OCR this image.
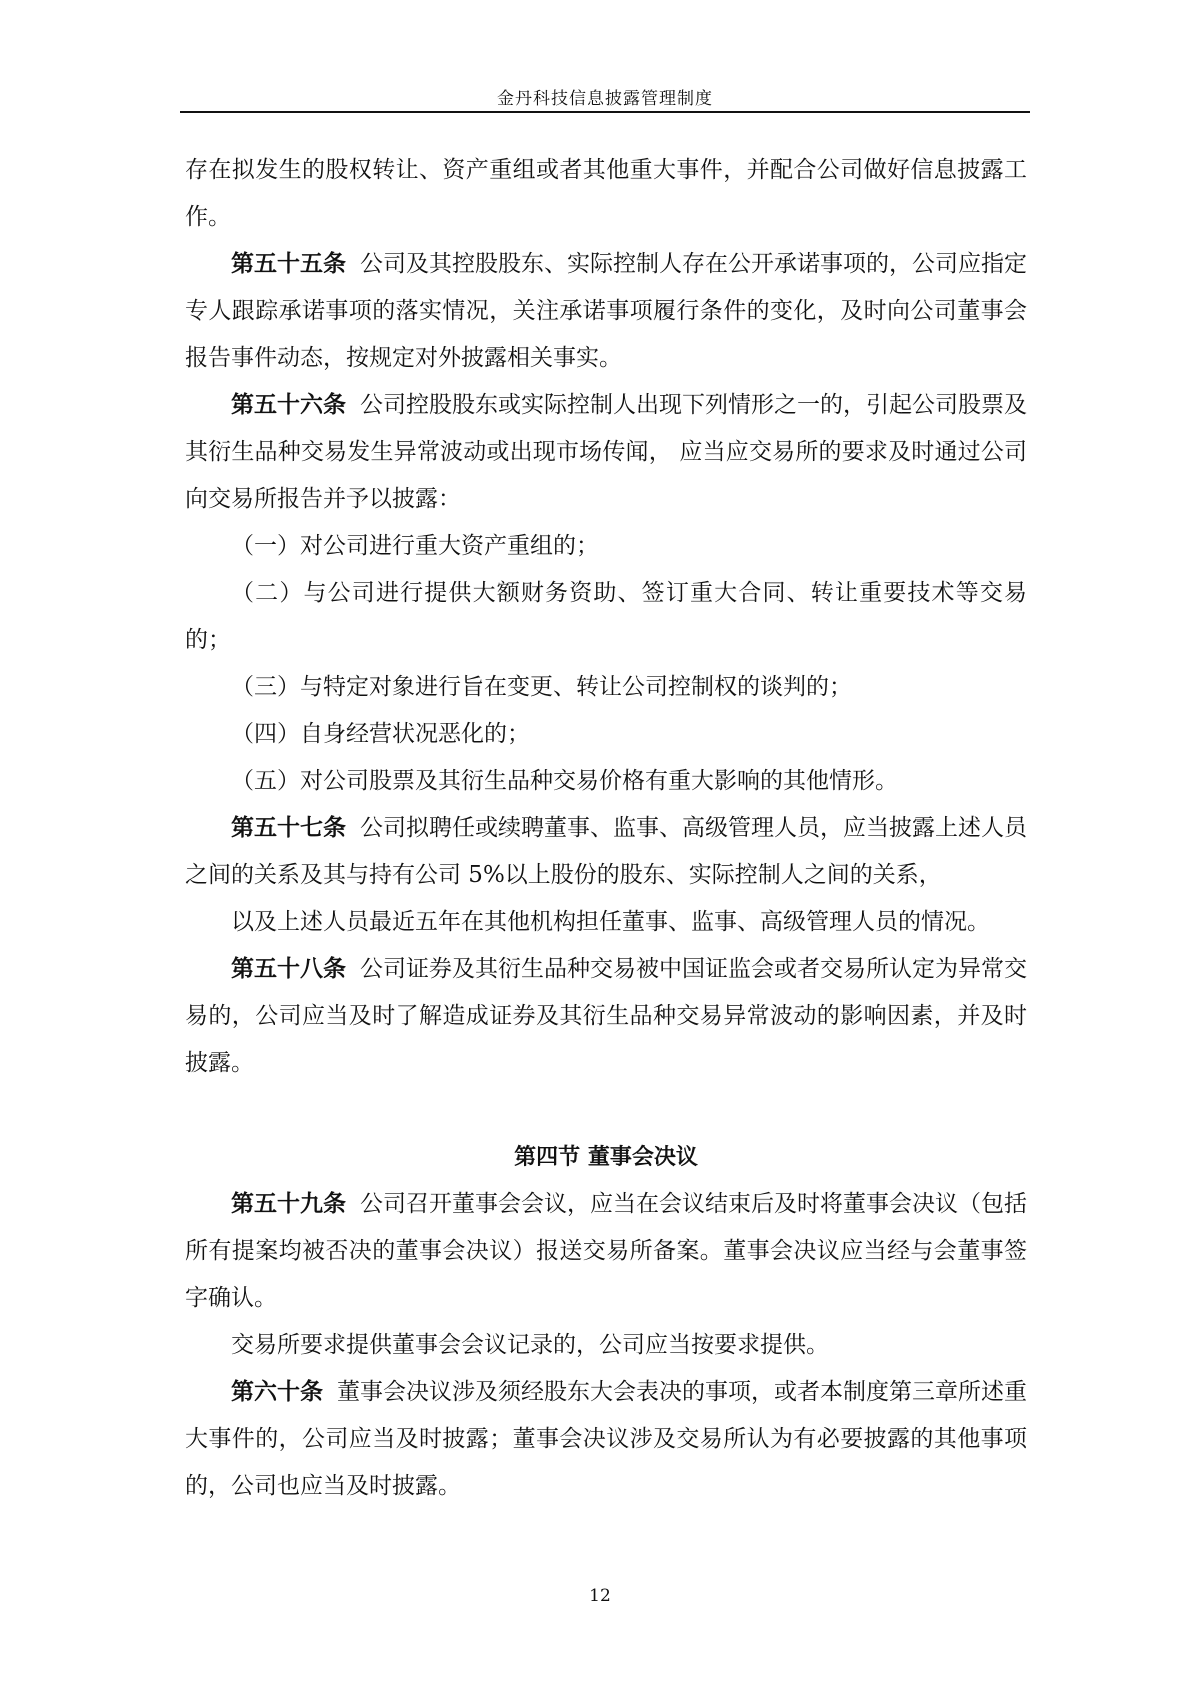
金丹科技信息披露管理制度

存在拟发生的股权转让、资产重组或者其他重大事件，并配合公司做好信息披露工作。

第五十五条 公司及其控股股东、实际控制人存在公开承诺事项的，公司应指定专人跟踪承诺事项的落实情况，关注承诺事项履行条件的变化，及时向公司董事会报告事件动态，按规定对外披露相关事实。

第五十六条 公司控股股东或实际控制人出现下列情形之一的，引起公司股票及其衍生品种交易发生异常波动或出现市场传闻， 应当应交易所的要求及时通过公司向交易所报告并予以披露：

（一）对公司进行重大资产重组的；

（二）与公司进行提供大额财务资助、签订重大合同、转让重要技术等交易的；

（三）与特定对象进行旨在变更、转让公司控制权的谈判的；

（四）自身经营状况恶化的；

（五）对公司股票及其衍生品种交易价格有重大影响的其他情形。

第五十七条 公司拟聘任或续聘董事、监事、高级管理人员，应当披露上述人员之间的关系及其与持有公司 5%以上股份的股东、实际控制人之间的关系，

以及上述人员最近五年在其他机构担任董事、监事、高级管理人员的情况。

第五十八条 公司证券及其衍生品种交易被中国证监会或者交易所认定为异常交易的，公司应当及时了解造成证券及其衍生品种交易异常波动的影响因素，并及时披露。

第四节 董事会决议

第五十九条 公司召开董事会会议，应当在会议结束后及时将董事会决议（包括所有提案均被否决的董事会决议）报送交易所备案。董事会决议应当经与会董事签字确认。

交易所要求提供董事会会议记录的，公司应当按要求提供。

第六十条 董事会决议涉及须经股东大会表决的事项，或者本制度第三章所述重大事件的，公司应当及时披露；董事会决议涉及交易所认为有必要披露的其他事项的，公司也应当及时披露。

12
